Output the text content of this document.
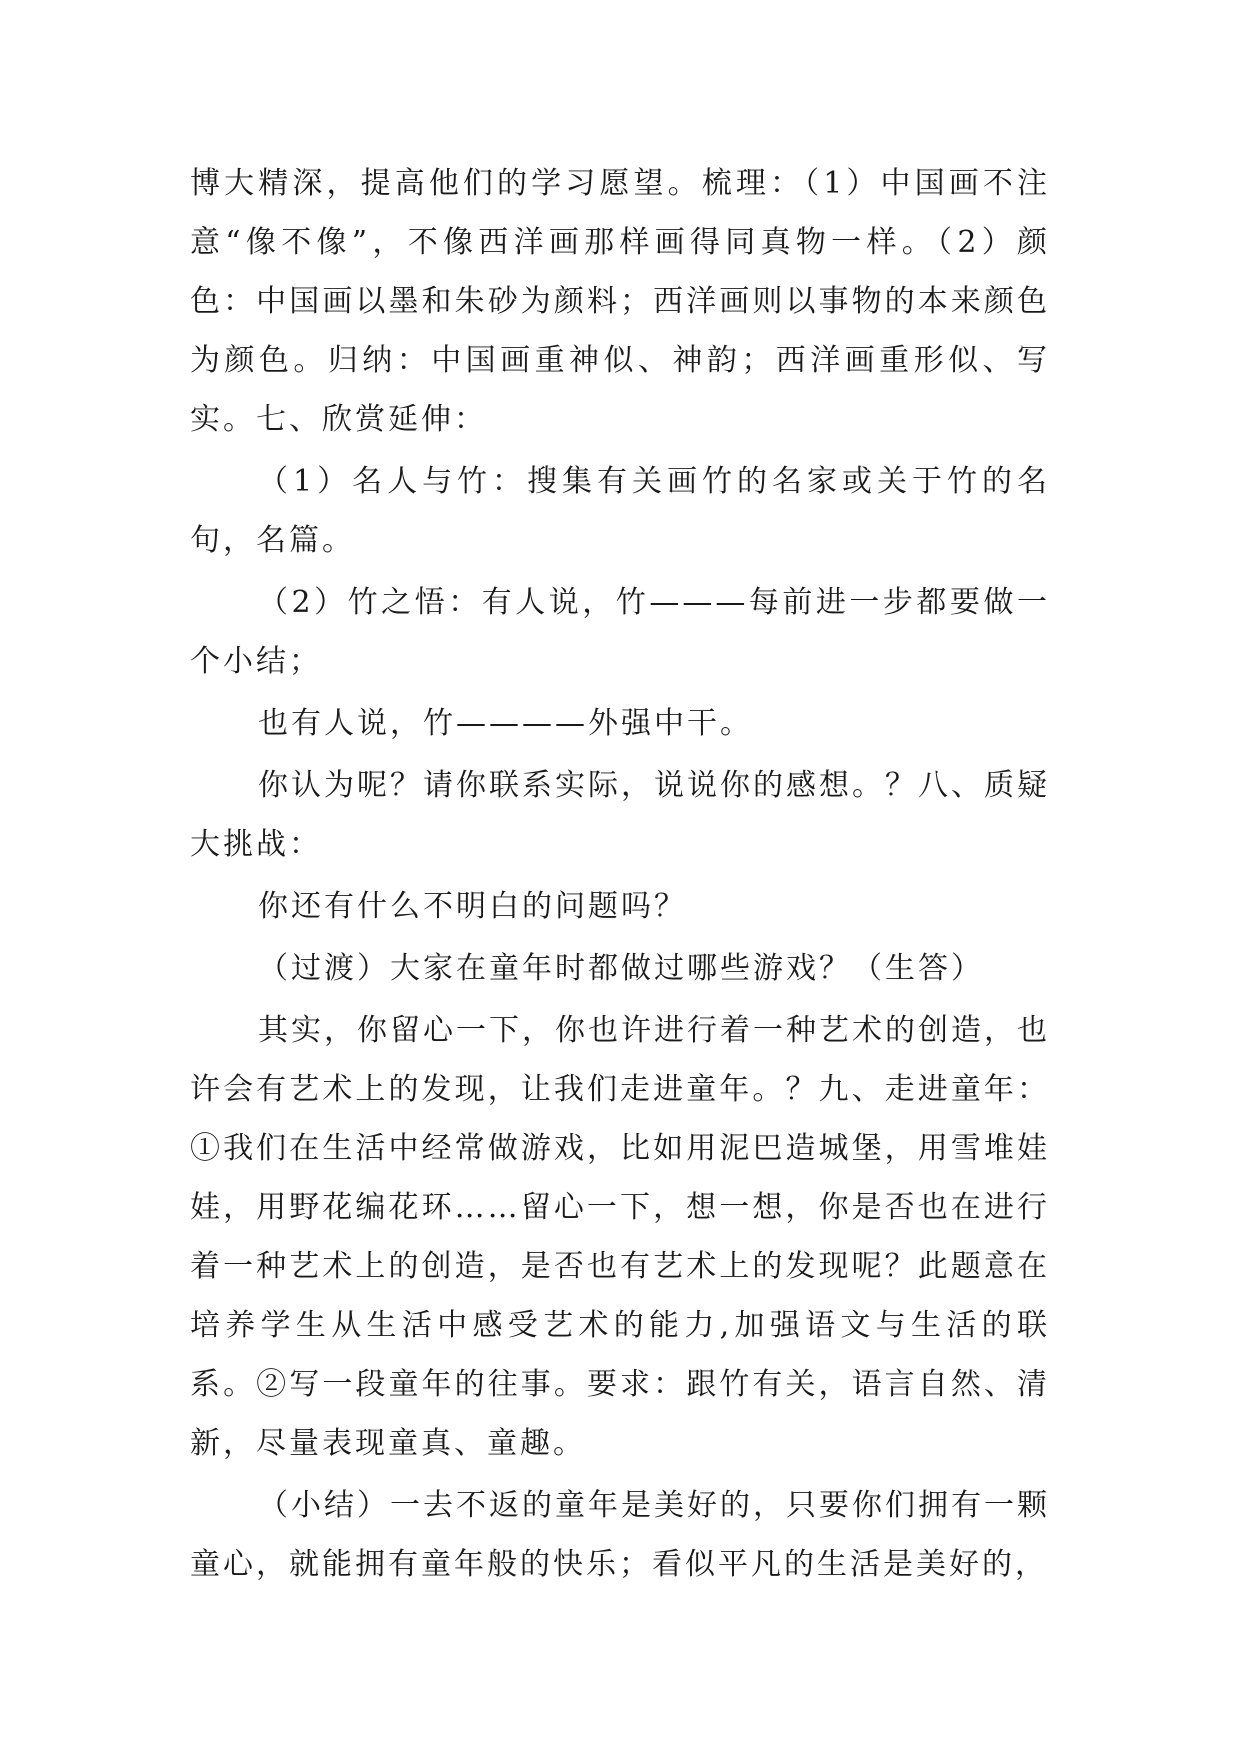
博大精深，提高他们的学习愿望。梳理：（1）中国画不注意“像不像”，不像西洋画那样画得同真物一样。（2）颜色：中国画以墨和朱砂为颜料；西洋画则以事物的本来颜色为颜色。归纳：中国画重神似、神韵；西洋画重形似、写实。七、欣赏延伸：

（1）名人与竹：搜集有关画竹的名家或关于竹的名句，名篇。

（2）竹之悟：有人说，竹———每前进一步都要做一个小结；

也有人说，竹————外强中干。

你认为呢？请你联系实际，说说你的感想。？八、质疑大挑战：

你还有什么不明白的问题吗？

（过渡）大家在童年时都做过哪些游戏？（生答）

其实，你留心一下，你也许进行着一种艺术的创造，也许会有艺术上的发现，让我们走进童年。？九、走进童年：①我们在生活中经常做游戏，比如用泥巴造城堡，用雪堆娃娃，用野花编花环……留心一下，想一想，你是否也在进行着一种艺术上的创造，是否也有艺术上的发现呢？此题意在培养学生从生活中感受艺术的能力,加强语文与生活的联系。②写一段童年的往事。要求：跟竹有关，语言自然、清新，尽量表现童真、童趣。

（小结）一去不返的童年是美好的，只要你们拥有一颗童心，就能拥有童年般的快乐；看似平凡的生活是美好的，
